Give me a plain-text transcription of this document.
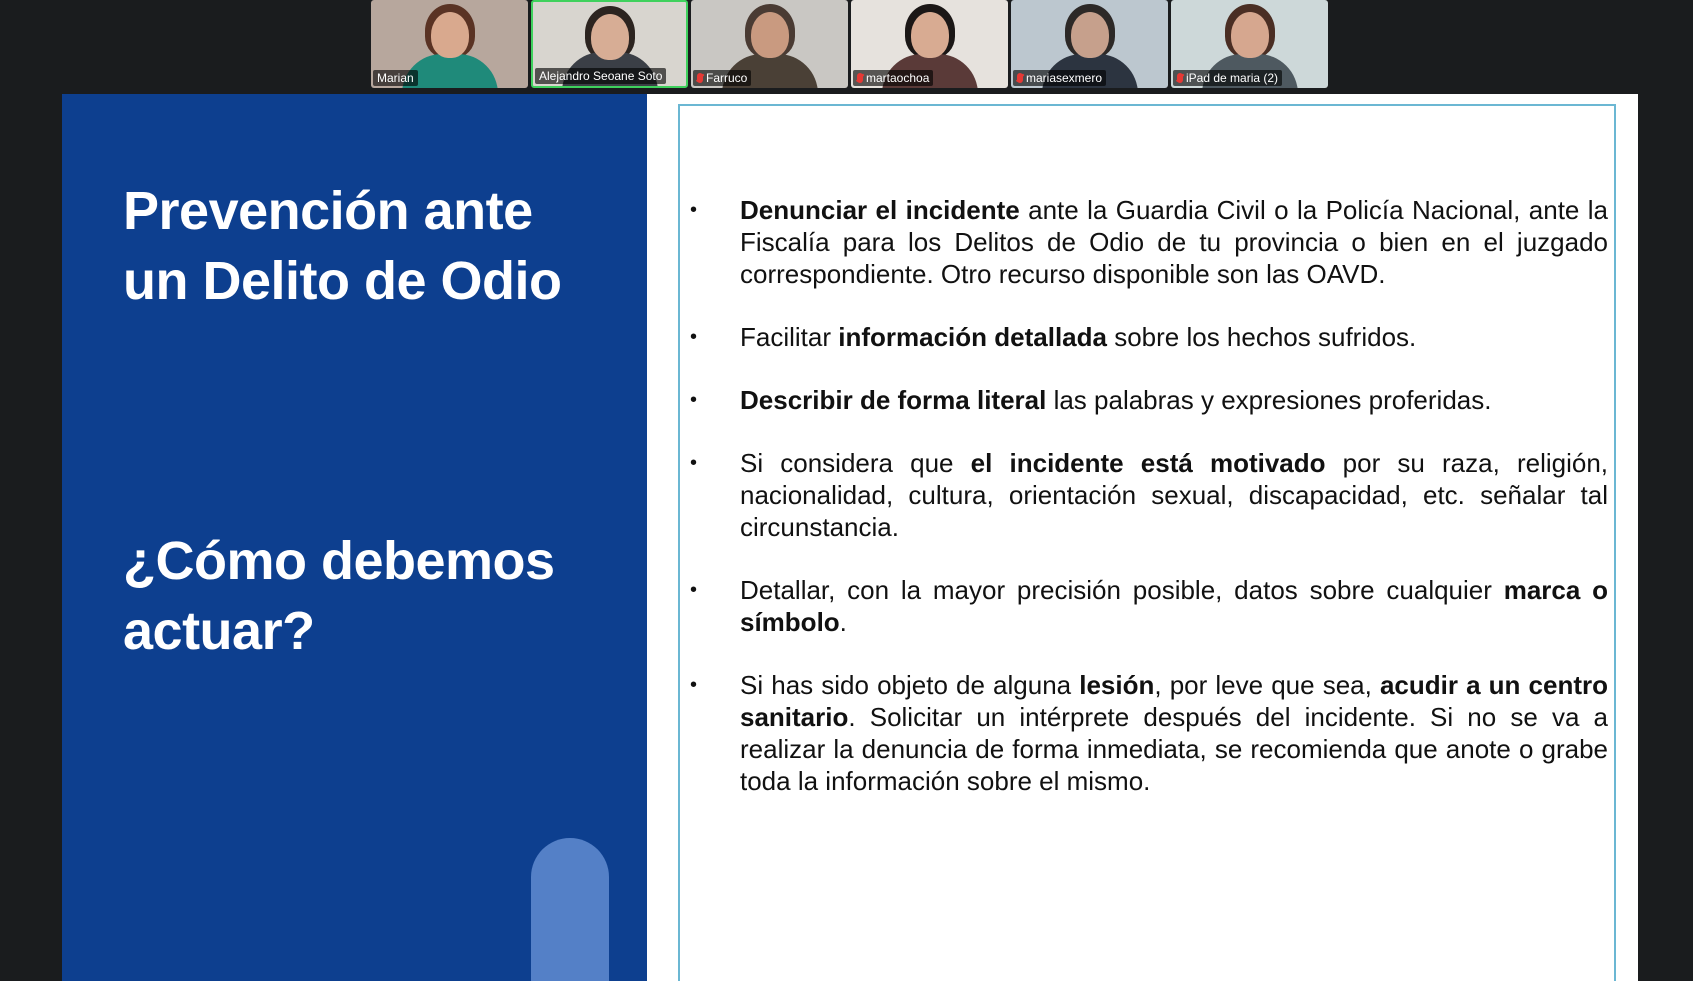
Marian	Alejandro Seoane Soto	Farruco	martaochoa	mariasexmero	iPad de maria (2)
Prevención ante un Delito de Odio
¿Cómo debemos actuar?
• Denunciar el incidente ante la Guardia Civil o la Policía Nacional, ante la Fiscalía para los Delitos de Odio de tu provincia o bien en el juzgado correspondiente. Otro recurso disponible son las OAVD.
• Facilitar información detallada sobre los hechos sufridos.
• Describir de forma literal las palabras y expresiones proferidas.
• Si considera que el incidente está motivado por su raza, religión, nacionalidad, cultura, orientación sexual, discapacidad, etc. señalar tal circunstancia.
• Detallar, con la mayor precisión posible, datos sobre cualquier marca o símbolo.
• Si has sido objeto de alguna lesión, por leve que sea, acudir a un centro sanitario. Solicitar un intérprete después del incidente. Si no se va a realizar la denuncia de forma inmediata, se recomienda que anote o grabe toda la información sobre el mismo.
